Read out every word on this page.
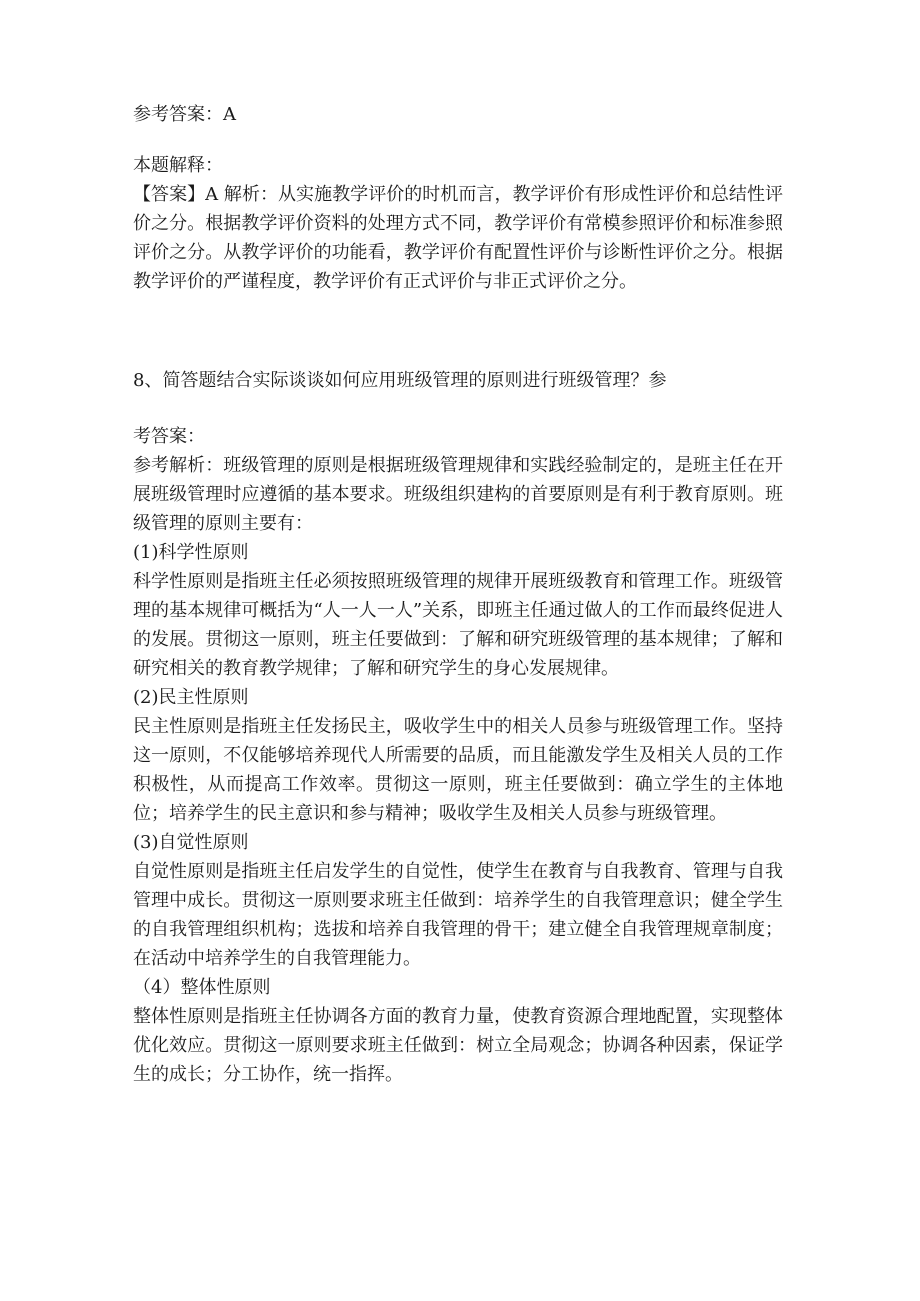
参考答案：A

本题解释：

【答案】A 解析：从实施教学评价的时机而言，教学评价有形成性评价和总结性评价之分。根据教学评价资料的处理方式不同，教学评价有常模参照评价和标准参照评价之分。从教学评价的功能看，教学评价有配置性评价与诊断性评价之分。根据教学评价的严谨程度，教学评价有正式评价与非正式评价之分。

8、简答题结合实际谈谈如何应用班级管理的原则进行班级管理？参

考答案：

参考解析：班级管理的原则是根据班级管理规律和实践经验制定的，是班主任在开展班级管理时应遵循的基本要求。班级组织建构的首要原则是有利于教育原则。班级管理的原则主要有：

(1)科学性原则

科学性原则是指班主任必须按照班级管理的规律开展班级教育和管理工作。班级管理的基本规律可概括为“人一人一人”关系，即班主任通过做人的工作而最终促进人的发展。贯彻这一原则，班主任要做到：了解和研究班级管理的基本规律；了解和研究相关的教育教学规律；了解和研究学生的身心发展规律。

(2)民主性原则

民主性原则是指班主任发扬民主，吸收学生中的相关人员参与班级管理工作。坚持这一原则，不仅能够培养现代人所需要的品质，而且能激发学生及相关人员的工作积极性，从而提高工作效率。贯彻这一原则，班主任要做到：确立学生的主体地位；培养学生的民主意识和参与精神；吸收学生及相关人员参与班级管理。

(3)自觉性原则

自觉性原则是指班主任启发学生的自觉性，使学生在教育与自我教育、管理与自我管理中成长。贯彻这一原则要求班主任做到：培养学生的自我管理意识；健全学生的自我管理组织机构；选拔和培养自我管理的骨干；建立健全自我管理规章制度；在活动中培养学生的自我管理能力。

（4）整体性原则

整体性原则是指班主任协调各方面的教育力量，使教育资源合理地配置，实现整体优化效应。贯彻这一原则要求班主任做到：树立全局观念；协调各种因素，保证学生的成长；分工协作，统一指挥。
